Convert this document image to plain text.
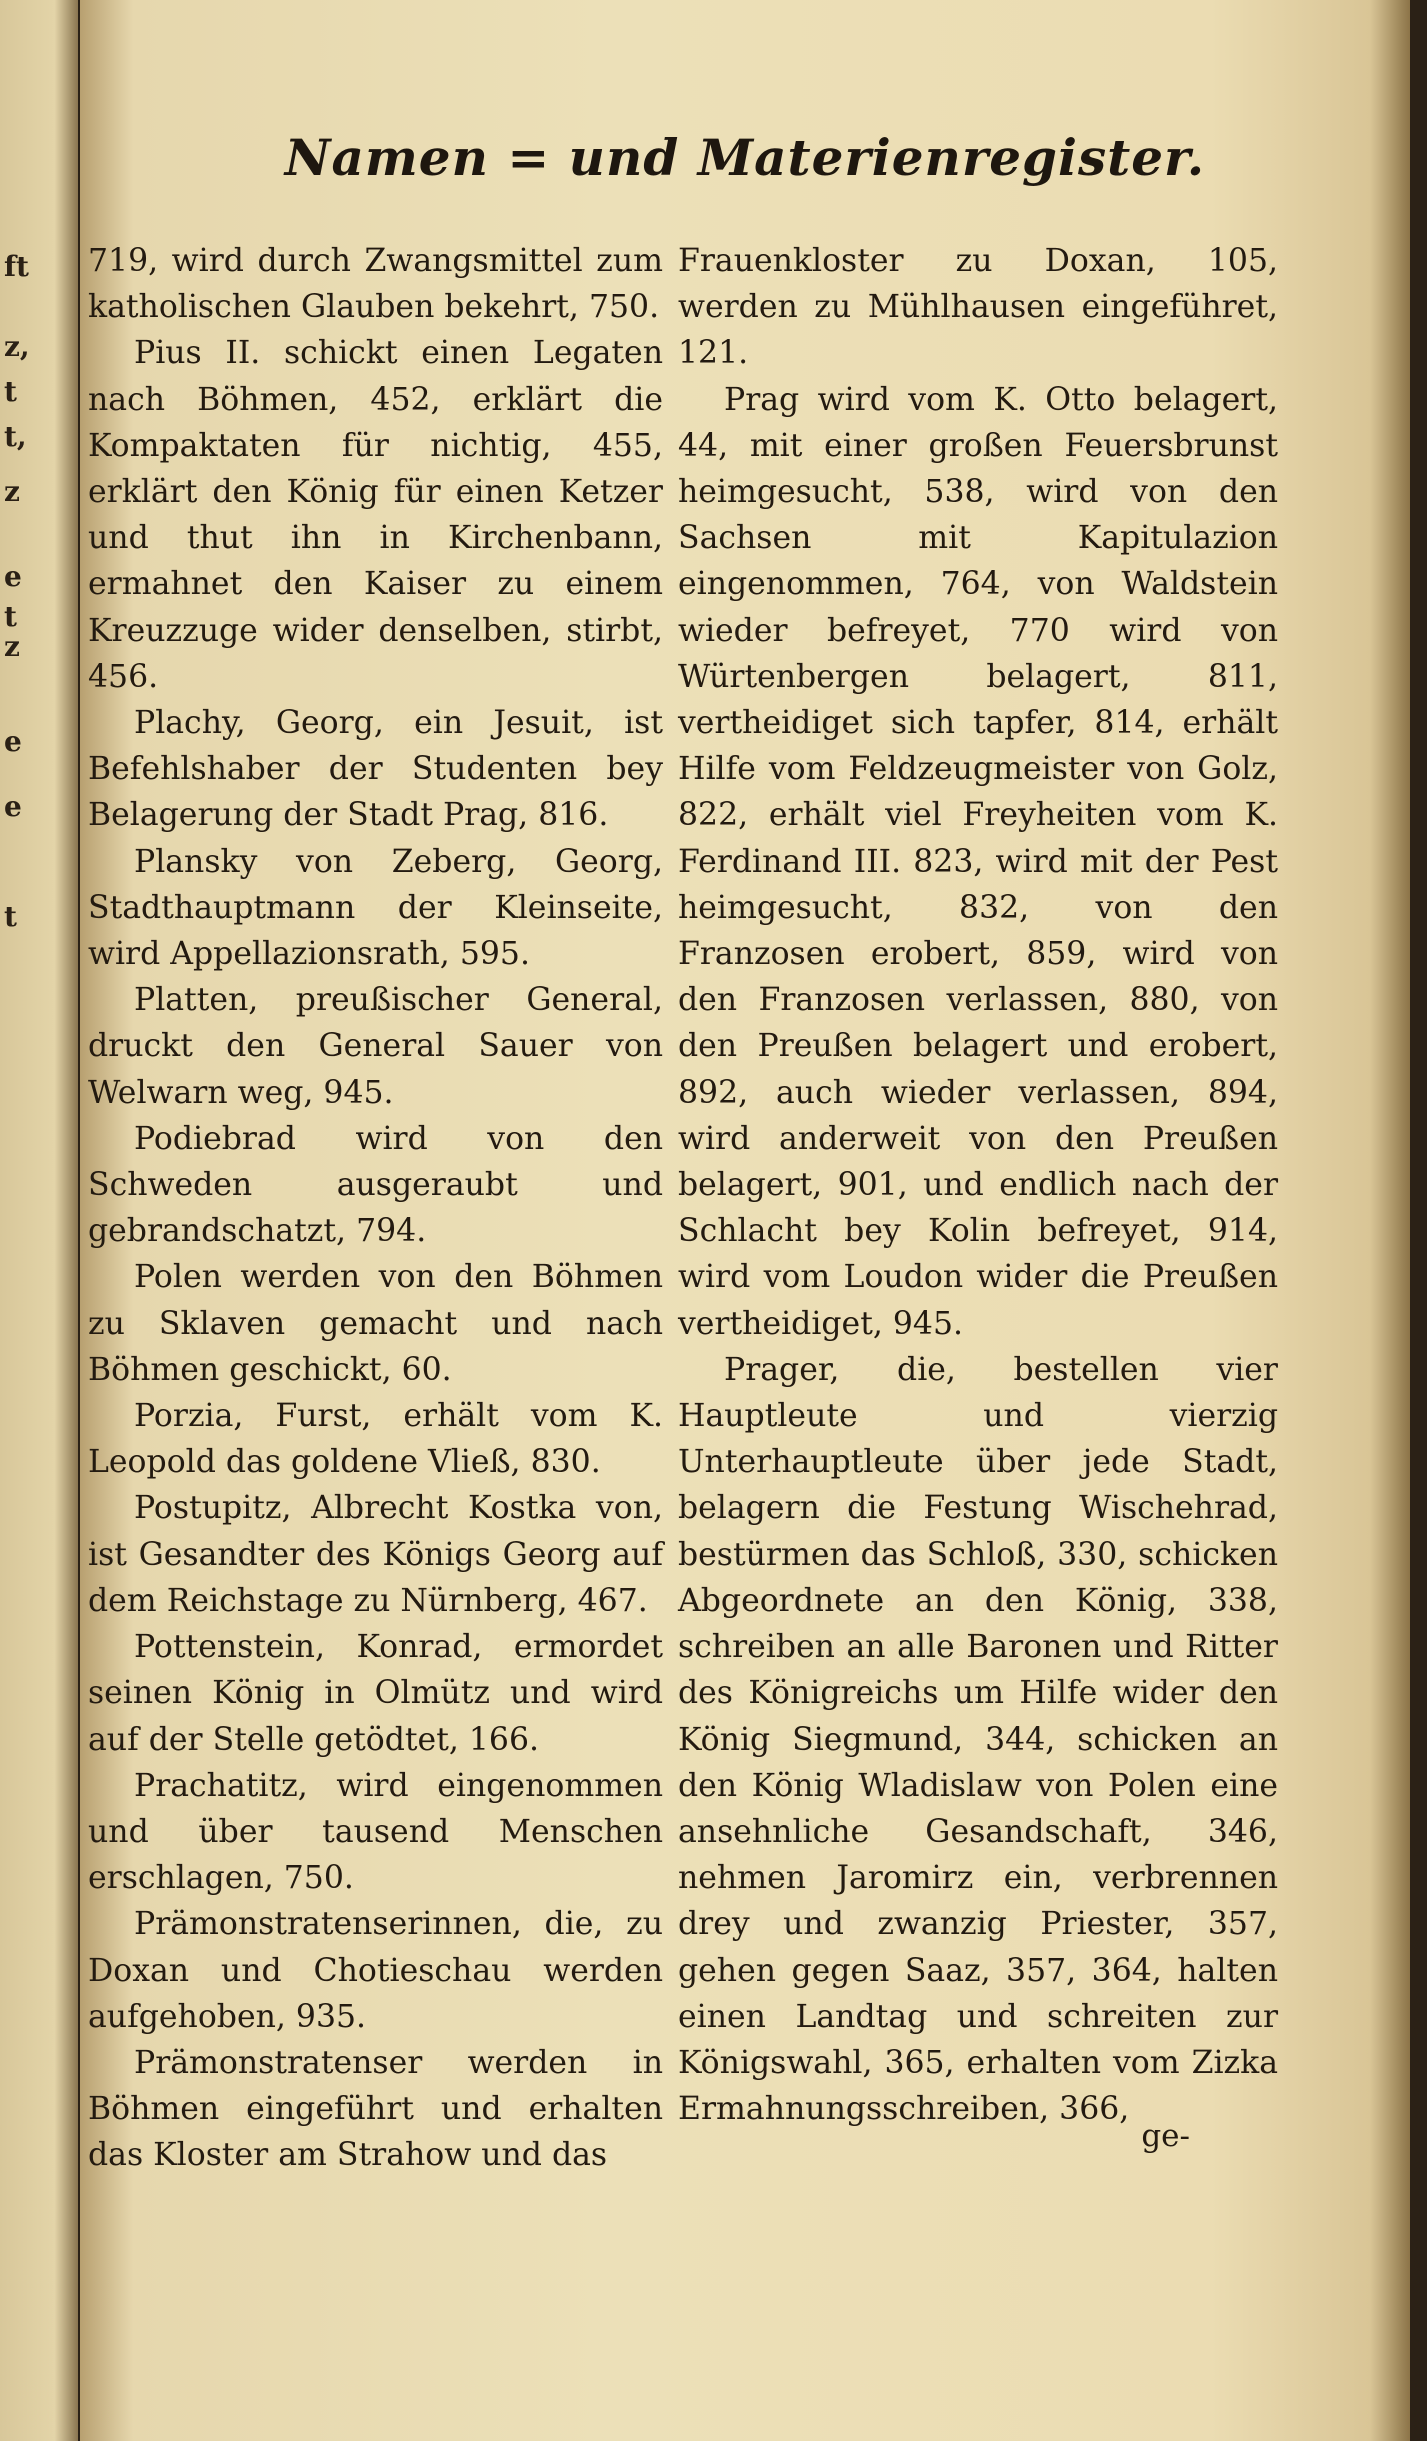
ft
z,
t
t,
z
e
t
z
e
e
t
Namen = und Materienregister.

719, wird durch Zwangsmittel zum katholischen Glauben bekehrt, 750.

Pius II. schickt einen Legaten nach Böhmen, 452, erklärt die Kompaktaten für nichtig, 455, erklärt den König für einen Ketzer und thut ihn in Kirchenbann, ermahnet den Kaiser zu einem Kreuzzuge wider denselben, stirbt, 456.

Plachy, Georg, ein Jesuit, ist Befehlshaber der Studenten bey Belagerung der Stadt Prag, 816.

Plansky von Zeberg, Georg, Stadthauptmann der Kleinseite, wird Appellazionsrath, 595.

Platten, preußischer General, druckt den General Sauer von Welwarn weg, 945.

Podiebrad wird von den Schweden ausgeraubt und gebrandschatzt, 794.

Polen werden von den Böhmen zu Sklaven gemacht und nach Böhmen geschickt, 60.

Porzia, Furst, erhält vom K. Leopold das goldene Vließ, 830.

Postupitz, Albrecht Kostka von, ist Gesandter des Königs Georg auf dem Reichstage zu Nürnberg, 467.

Pottenstein, Konrad, ermordet seinen König in Olmütz und wird auf der Stelle getödtet, 166.

Prachatitz, wird eingenommen und über tausend Menschen erschlagen, 750.

Prämonstratenserinnen, die, zu Doxan und Chotieschau werden aufgehoben, 935.

Prämonstratenser werden in Böhmen eingeführt und erhalten das Kloster am Strahow und das

Frauenkloster zu Doxan, 105, werden zu Mühlhausen eingeführet, 121.

Prag wird vom K. Otto belagert, 44, mit einer großen Feuersbrunst heimgesucht, 538, wird von den Sachsen mit Kapitulazion eingenommen, 764, von Waldstein wieder befreyet, 770 wird von Würtenbergen belagert, 811, vertheidiget sich tapfer, 814, erhält Hilfe vom Feldzeugmeister von Golz, 822, erhält viel Freyheiten vom K. Ferdinand III. 823, wird mit der Pest heimgesucht, 832, von den Franzosen erobert, 859, wird von den Franzosen verlassen, 880, von den Preußen belagert und erobert, 892, auch wieder verlassen, 894, wird anderweit von den Preußen belagert, 901, und endlich nach der Schlacht bey Kolin befreyet, 914, wird vom Loudon wider die Preußen vertheidiget, 945.

Prager, die, bestellen vier Hauptleute und vierzig Unterhauptleute über jede Stadt, belagern die Festung Wischehrad, bestürmen das Schloß, 330, schicken Abgeordnete an den König, 338, schreiben an alle Baronen und Ritter des Königreichs um Hilfe wider den König Siegmund, 344, schicken an den König Wladislaw von Polen eine ansehnliche Gesandschaft, 346, nehmen Jaromirz ein, verbrennen drey und zwanzig Priester, 357, gehen gegen Saaz, 357, 364, halten einen Landtag und schreiten zur Königswahl, 365, erhalten vom Zizka Ermahnungsschreiben, 366,

ge-
